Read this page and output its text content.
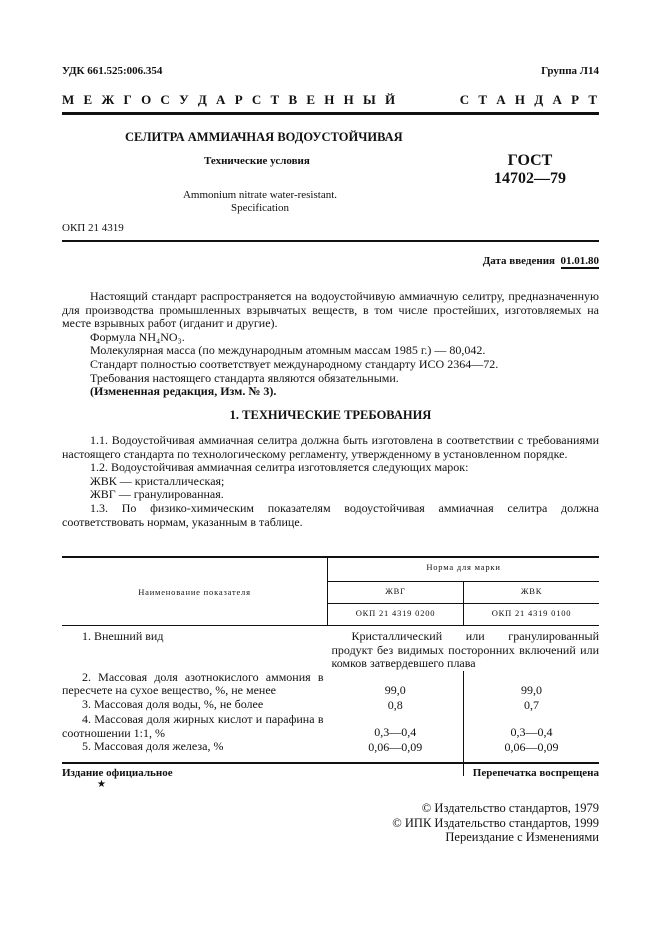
УДК 661.525:006.354	Группа Л14
М Е Ж Г О С У Д А Р С Т В Е Н Н Ы Й	С Т А Н Д А Р Т
СЕЛИТРА АММИАЧНАЯ ВОДОУСТОЙЧИВАЯ
Технические условия	ГОСТ
14702—79
Ammonium nitrate water-resistant.
Specification
ОКП 21 4319
Дата введения 01.01.80
Настоящий стандарт распространяется на водоустойчивую аммиачную селитру, предназначенную для производства промышленных взрывчатых веществ, в том числе простейших, изготовляемых на месте взрывных работ (игданит и другие).
Формула NH₄NO₃.
Молекулярная масса (по международным атомным массам 1985 г.) — 80,042.
Стандарт полностью соответствует международному стандарту ИСО 2364—72.
Требования настоящего стандарта являются обязательными.
(Измененная редакция, Изм. № 3).
1. ТЕХНИЧЕСКИЕ ТРЕБОВАНИЯ
1.1. Водоустойчивая аммиачная селитра должна быть изготовлена в соответствии с требованиями настоящего стандарта по технологическому регламенту, утвержденному в установленном порядке.
1.2. Водоустойчивая аммиачная селитра изготовляется следующих марок:
ЖВК — кристаллическая;
ЖВГ — гранулированная.
1.3. По физико-химическим показателям водоустойчивая аммиачная селитра должна соответствовать нормам, указанным в таблице.
Наименование показателя	Норма для марки	
	ЖВГ	ЖВК
	ОКП 21 4319 0200	ОКП 21 4319 0100
1. Внешний вид	Кристаллический или гранулированный продукт без видимых посторонних включений или комков затвердевшего плава	
2. Массовая доля азотнокислого аммония в пересчете на сухое вещество, %, не менее	99,0	99,0
3. Массовая доля воды, %, не более	0,8	0,7
4. Массовая доля жирных кислот и парафина в соотношении 1:1, %	0,3—0,4	0,3—0,4
5. Массовая доля железа, %	0,06—0,09	0,06—0,09
Издание официальное
★
Перепечатка воспрещена
© Издательство стандартов, 1979
© ИПК Издательство стандартов, 1999
Переиздание с Изменениями
